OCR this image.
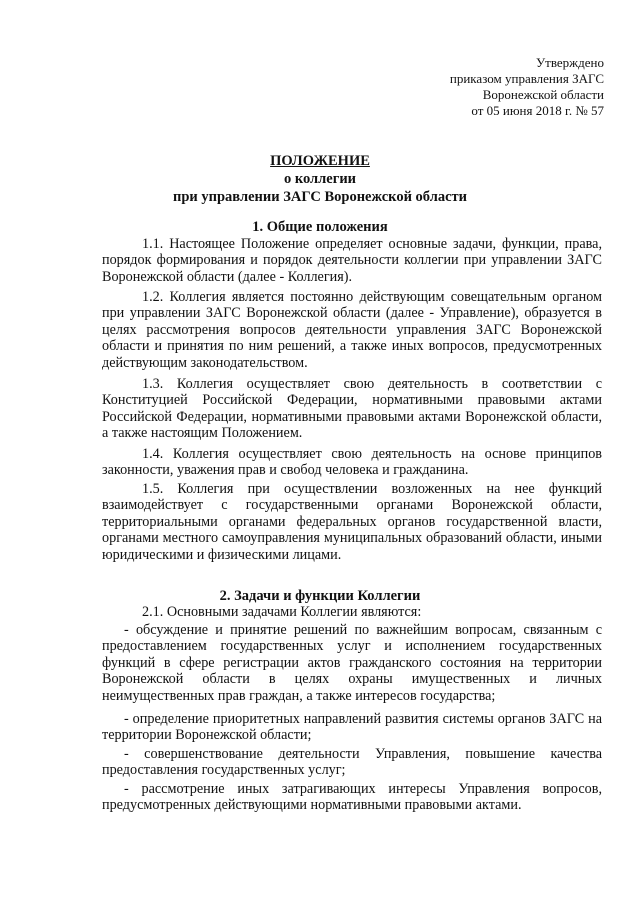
Утверждено
приказом управления ЗАГС
Воронежской области
от 05 июня 2018 г. № 57
ПОЛОЖЕНИЕ
о коллегии
при управлении ЗАГС Воронежской области
1. Общие положения
1.1. Настоящее Положение определяет основные задачи, функции, права, порядок формирования и порядок деятельности коллегии при управлении ЗАГС Воронежской области (далее - Коллегия).
1.2. Коллегия является постоянно действующим совещательным органом при управлении ЗАГС Воронежской области (далее - Управление), образуется в целях рассмотрения вопросов деятельности управления ЗАГС Воронежской области и принятия по ним решений, а также иных вопросов, предусмотренных действующим законодательством.
1.3. Коллегия осуществляет свою деятельность в соответствии с Конституцией Российской Федерации, нормативными правовыми актами Российской Федерации, нормативными правовыми актами Воронежской области, а также настоящим Положением.
1.4. Коллегия осуществляет свою деятельность на основе принципов законности, уважения прав и свобод человека и гражданина.
1.5. Коллегия при осуществлении возложенных на нее функций взаимодействует с государственными органами Воронежской области, территориальными органами федеральных органов государственной власти, органами местного самоуправления муниципальных образований области, иными юридическими и физическими лицами.
2. Задачи и функции Коллегии
2.1. Основными задачами Коллегии являются:
- обсуждение и принятие решений по важнейшим вопросам, связанным с предоставлением государственных услуг и исполнением государственных функций в сфере регистрации актов гражданского состояния на территории Воронежской области в целях охраны имущественных и личных неимущественных прав граждан, а также интересов государства;
- определение приоритетных направлений развития системы органов ЗАГС на территории Воронежской области;
- совершенствование деятельности Управления, повышение качества предоставления государственных услуг;
- рассмотрение иных затрагивающих интересы Управления вопросов, предусмотренных действующими нормативными правовыми актами.
